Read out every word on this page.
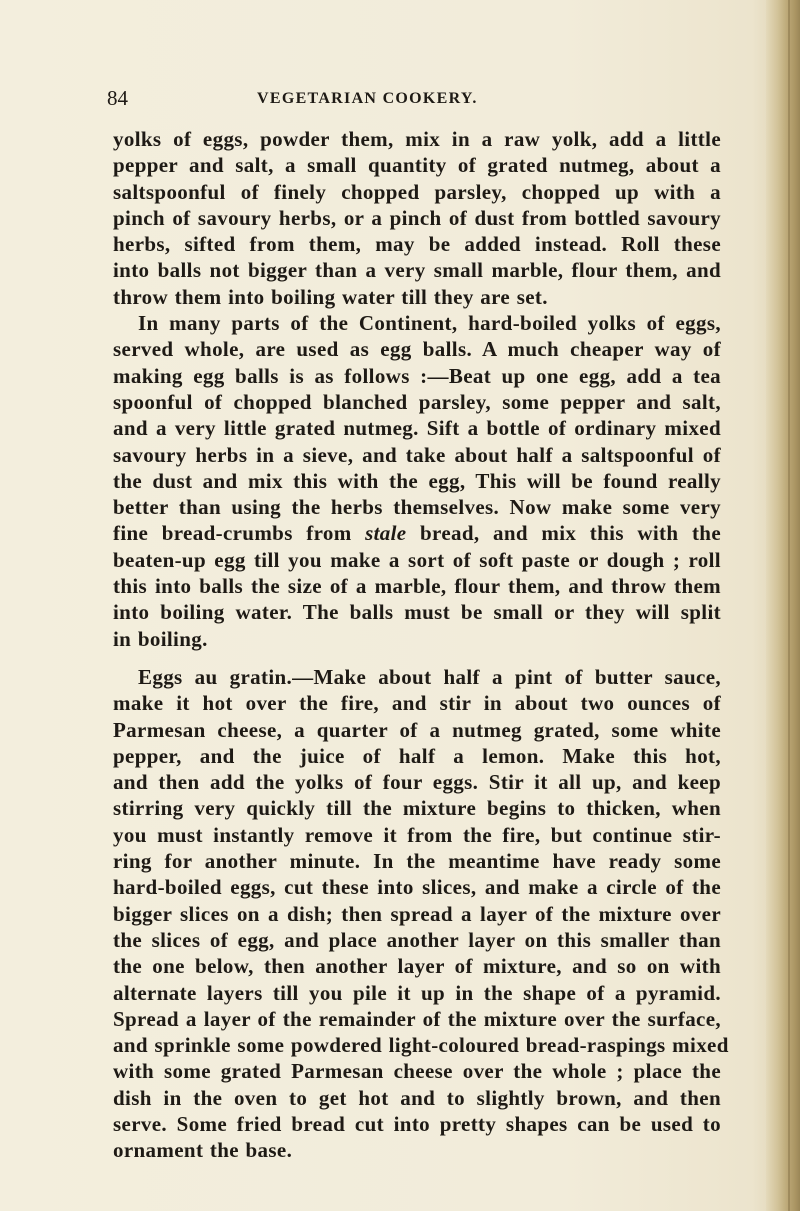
84	VEGETARIAN COOKERY.
yolks of eggs, powder them, mix in a raw yolk, add a little
pepper and salt, a small quantity of grated nutmeg, about a
saltspoonful of finely chopped parsley, chopped up with a
pinch of savoury herbs, or a pinch of dust from bottled savoury
herbs, sifted from them, may be added instead. Roll these
into balls not bigger than a very small marble, flour them, and
throw them into boiling water till they are set.
In many parts of the Continent, hard-boiled yolks of eggs,
served whole, are used as egg balls. A much cheaper way of
making egg balls is as follows :—Beat up one egg, add a tea
spoonful of chopped blanched parsley, some pepper and salt,
and a very little grated nutmeg. Sift a bottle of ordinary mixed
savoury herbs in a sieve, and take about half a saltspoonful of
the dust and mix this with the egg, This will be found really
better than using the herbs themselves. Now make some very
fine bread-crumbs from stale bread, and mix this with the
beaten-up egg till you make a sort of soft paste or dough ; roll
this into balls the size of a marble, flour them, and throw them
into boiling water. The balls must be small or they will split
in boiling.
Eggs au gratin.—Make about half a pint of butter sauce,
make it hot over the fire, and stir in about two ounces of
Parmesan cheese, a quarter of a nutmeg grated, some white
pepper, and the juice of half a lemon. Make this hot,
and then add the yolks of four eggs. Stir it all up, and keep
stirring very quickly till the mixture begins to thicken, when
you must instantly remove it from the fire, but continue stir-
ring for another minute. In the meantime have ready some
hard-boiled eggs, cut these into slices, and make a circle of the
bigger slices on a dish; then spread a layer of the mixture over
the slices of egg, and place another layer on this smaller than
the one below, then another layer of mixture, and so on with
alternate layers till you pile it up in the shape of a pyramid.
Spread a layer of the remainder of the mixture over the surface,
and sprinkle some powdered light-coloured bread-raspings mixed
with some grated Parmesan cheese over the whole ; place the
dish in the oven to get hot and to slightly brown, and then
serve. Some fried bread cut into pretty shapes can be used to
ornament the base.
